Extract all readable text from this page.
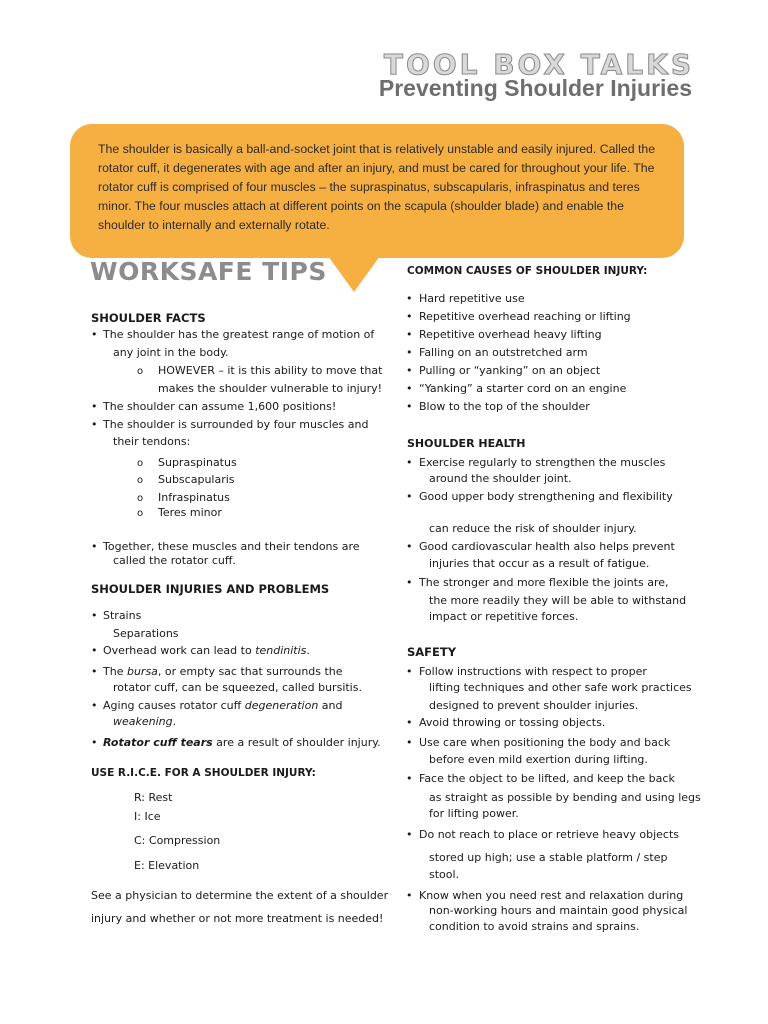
TOOL BOX TALKS
Preventing Shoulder Injuries

The shoulder is basically a ball-and-socket joint that is relatively unstable and easily injured. Called the rotator cuff, it degenerates with age and after an injury, and must be cared for throughout your life. The rotator cuff is comprised of four muscles – the supraspinatus, subscapularis, infraspinatus and teres minor. The four muscles attach at different points on the scapula (shoulder blade) and enable the shoulder to internally and externally rotate.

WORKSAFE TIPS
SHOULDER FACTS
• The shoulder has the greatest range of motion of
any joint in the body.
o HOWEVER – it is this ability to move that
makes the shoulder vulnerable to injury!
• The shoulder can assume 1,600 positions!
• The shoulder is surrounded by four muscles and
their tendons:
o Supraspinatus
o Subscapularis
o Infraspinatus
o Teres minor
• Together, these muscles and their tendons are
called the rotator cuff.
SHOULDER INJURIES AND PROBLEMS
• Strains
Separations
• Overhead work can lead to tendinitis.
• The bursa, or empty sac that surrounds the
rotator cuff, can be squeezed, called bursitis.
• Aging causes rotator cuff degeneration and
weakening.
• Rotator cuff tears are a result of shoulder injury.
USE R.I.C.E. FOR A SHOULDER INJURY:
R: Rest
I: Ice
C: Compression
E: Elevation
See a physician to determine the extent of a shoulder
injury and whether or not more treatment is needed!
COMMON CAUSES OF SHOULDER INJURY:
• Hard repetitive use
• Repetitive overhead reaching or lifting
• Repetitive overhead heavy lifting
• Falling on an outstretched arm
• Pulling or “yanking” on an object
• “Yanking” a starter cord on an engine
• Blow to the top of the shoulder
SHOULDER HEALTH
• Exercise regularly to strengthen the muscles
around the shoulder joint.
• Good upper body strengthening and flexibility
can reduce the risk of shoulder injury.
• Good cardiovascular health also helps prevent
injuries that occur as a result of fatigue.
• The stronger and more flexible the joints are,
the more readily they will be able to withstand
impact or repetitive forces.
SAFETY
• Follow instructions with respect to proper
lifting techniques and other safe work practices
designed to prevent shoulder injuries.
• Avoid throwing or tossing objects.
• Use care when positioning the body and back
before even mild exertion during lifting.
• Face the object to be lifted, and keep the back
as straight as possible by bending and using legs
for lifting power.
• Do not reach to place or retrieve heavy objects
stored up high; use a stable platform / step
stool.
• Know when you need rest and relaxation during
non-working hours and maintain good physical
condition to avoid strains and sprains.
